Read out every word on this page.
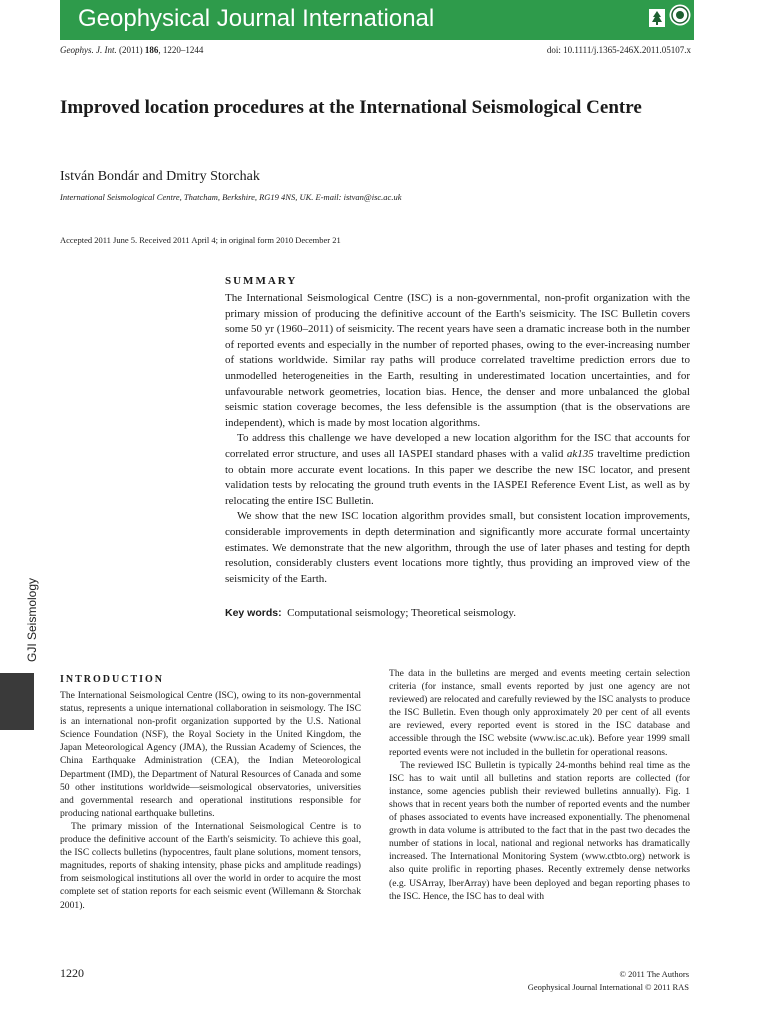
Geophysical Journal International
Geophys. J. Int. (2011) 186, 1220–1244	doi: 10.1111/j.1365-246X.2011.05107.x
Improved location procedures at the International Seismological Centre
István Bondár and Dmitry Storchak
International Seismological Centre, Thatcham, Berkshire, RG19 4NS, UK. E-mail: istvan@isc.ac.uk
Accepted 2011 June 5. Received 2011 April 4; in original form 2010 December 21
SUMMARY

The International Seismological Centre (ISC) is a non-governmental, non-profit organization with the primary mission of producing the definitive account of the Earth's seismicity. The ISC Bulletin covers some 50 yr (1960–2011) of seismicity. The recent years have seen a dramatic increase both in the number of reported events and especially in the number of reported phases, owing to the ever-increasing number of stations worldwide. Similar ray paths will produce correlated traveltime prediction errors due to unmodelled heterogeneities in the Earth, resulting in underestimated location uncertainties, and for unfavourable network geometries, location bias. Hence, the denser and more unbalanced the global seismic station coverage becomes, the less defensible is the assumption (that is the observations are independent), which is made by most location algorithms.

To address this challenge we have developed a new location algorithm for the ISC that accounts for correlated error structure, and uses all IASPEI standard phases with a valid ak135 traveltime prediction to obtain more accurate event locations. In this paper we describe the new ISC locator, and present validation tests by relocating the ground truth events in the IASPEI Reference Event List, as well as by relocating the entire ISC Bulletin.

We show that the new ISC location algorithm provides small, but consistent location improvements, considerable improvements in depth determination and significantly more accurate formal uncertainty estimates. We demonstrate that the new algorithm, through the use of later phases and testing for depth resolution, considerably clusters event locations more tightly, thus providing an improved view of the seismicity of the Earth.

Key words: Computational seismology; Theoretical seismology.
GJI Seismology
INTRODUCTION

The International Seismological Centre (ISC), owing to its non-governmental status, represents a unique international collaboration in seismology. The ISC is an international non-profit organization supported by the U.S. National Science Foundation (NSF), the Royal Society in the United Kingdom, the Japan Meteorological Agency (JMA), the Russian Academy of Sciences, the China Earthquake Administration (CEA), the Indian Meteorological Department (IMD), the Department of Natural Resources of Canada and some 50 other institutions worldwide—seismological observatories, universities and governmental research and operational institutions responsible for producing national earthquake bulletins.

The primary mission of the International Seismological Centre is to produce the definitive account of the Earth's seismicity. To achieve this goal, the ISC collects bulletins (hypocentres, fault plane solutions, moment tensors, magnitudes, reports of shaking intensity, phase picks and amplitude readings) from seismological institutions all over the world in order to acquire the most complete set of station reports for each seismic event (Willemann & Storchak 2001).

The data in the bulletins are merged and events meeting certain selection criteria (for instance, small events reported by just one agency are not reviewed) are relocated and carefully reviewed by the ISC analysts to produce the ISC Bulletin. Even though only approximately 20 per cent of all events are reviewed, every reported event is stored in the ISC database and accessible through the ISC website (www.isc.ac.uk). Before year 1999 small reported events were not included in the bulletin for operational reasons.

The reviewed ISC Bulletin is typically 24-months behind real time as the ISC has to wait until all bulletins and station reports are collected (for instance, some agencies publish their reviewed bulletins annually). Fig. 1 shows that in recent years both the number of reported events and the number of phases associated to events have increased exponentially. The phenomenal growth in data volume is attributed to the fact that in the past two decades the number of stations in local, national and regional networks has dramatically increased. The International Monitoring System (www.ctbto.org) network is also quite prolific in reporting phases. Recently extremely dense networks (e.g. USArray, IberArray) have been deployed and began reporting phases to the ISC. Hence, the ISC has to deal with

1220	© 2011 The Authors
Geophysical Journal International © 2011 RAS
